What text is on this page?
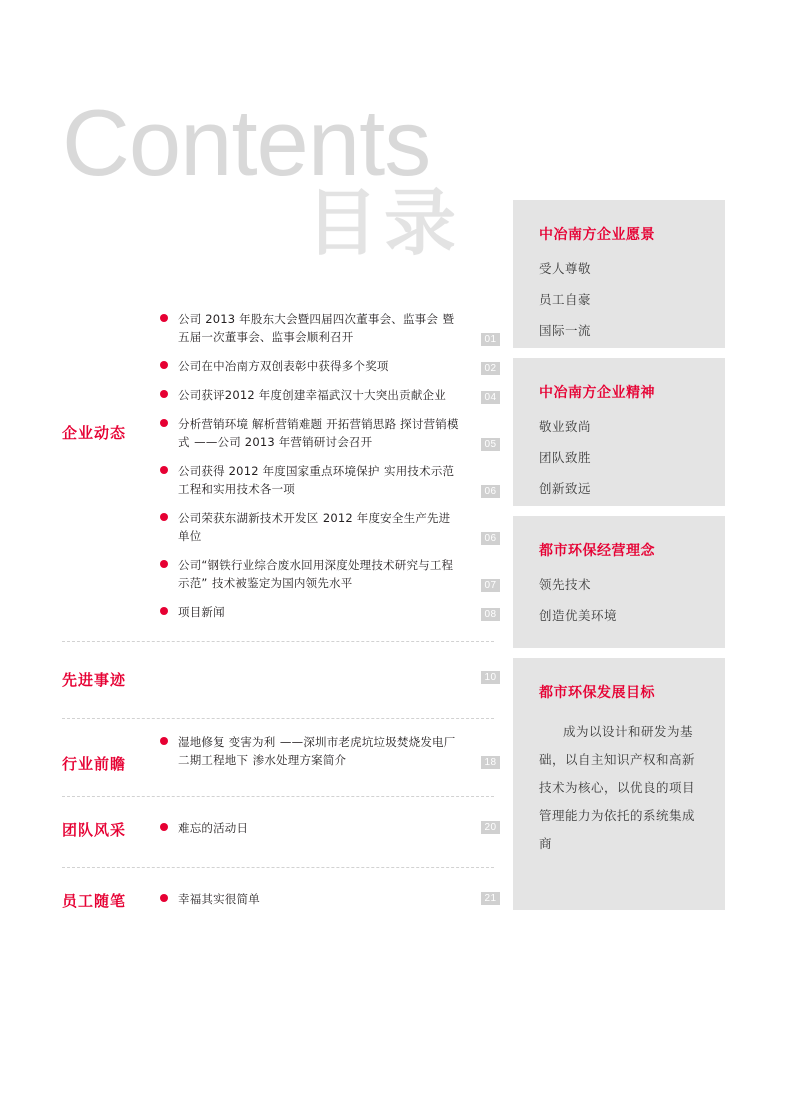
Contents
目录
企业动态
公司 2013 年股东大会暨四届四次董事会、监事会 暨五届一次董事会、监事会顺利召开	01
公司在中冶南方双创表彰中获得多个奖项	02
公司获评2012 年度创建幸福武汉十大突出贡献企业	04
分析营销环境 解析营销难题 开拓营销思路 探讨营销模式 ——公司 2013 年营销研讨会召开	05
公司获得 2012 年度国家重点环境保护 实用技术示范工程和实用技术各一项	06
公司荣获东湖新技术开发区 2012 年度安全生产先进单位	06
公司“钢铁行业综合废水回用深度处理技术研究与工程示范” 技术被鉴定为国内领先水平	07
项目新闻	08
先进事迹	10
行业前瞻
湿地修复 变害为利 ——深圳市老虎坑垃圾焚烧发电厂二期工程地下 渗水处理方案简介	18
团队风采	难忘的活动日	20
员工随笔	幸福其实很简单	21
中冶南方企业愿景

受人尊敬

员工自豪

国际一流

中冶南方企业精神

敬业致尚

团队致胜

创新致远

都市环保经营理念

领先技术

创造优美环境

都市环保发展目标

成为以设计和研发为基础，以自主知识产权和高新技术为核心，以优良的项目管理能力为依托的系统集成商
